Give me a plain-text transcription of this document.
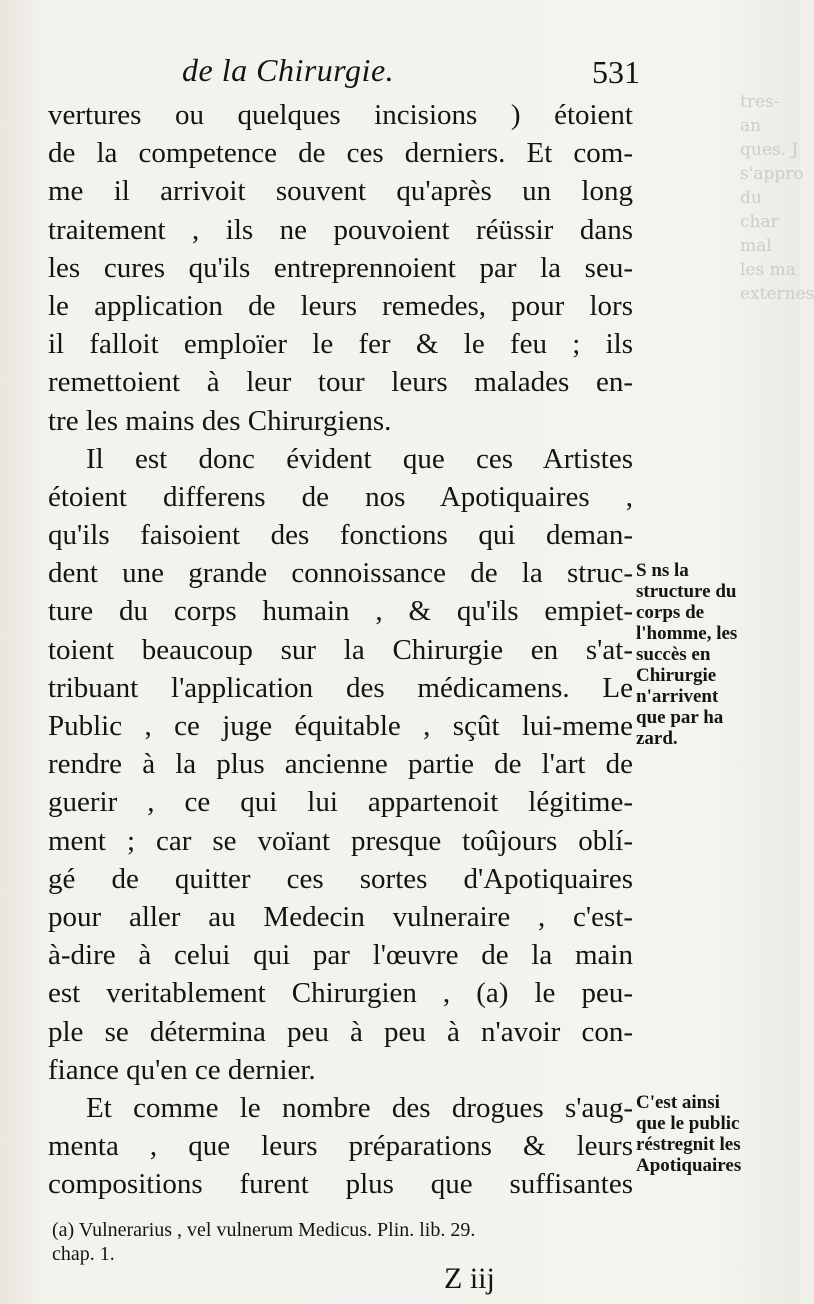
tres-an
ques. J
s'appro
du char
mal
les ma
externes
de la Chirurgie.	531
vertures ou quelques incisions ) étoient
de la competence de ces derniers. Et com-
me il arrivoit souvent qu'après un long
traitement , ils ne pouvoient réüssir dans
les cures qu'ils entreprennoient par la seu-
le application de leurs remedes, pour lors
il falloit emploïer le fer & le feu ; ils
remettoient à leur tour leurs malades en-
tre les mains des Chirurgiens.
Il est donc évident que ces Artistes
étoient differens de nos Apotiquaires ,
qu'ils faisoient des fonctions qui deman-
dent une grande connoissance de la struc-
ture du corps humain , & qu'ils empiet-
toient beaucoup sur la Chirurgie en s'at-
tribuant l'application des médicamens. Le
Public , ce juge équitable , sçût lui-meme
rendre à la plus ancienne partie de l'art de
guerir , ce qui lui appartenoit légitime-
ment ; car se voïant presque toûjours oblí-
gé de quitter ces sortes d'Apotiquaires
pour aller au Medecin vulneraire , c'est-
à-dire à celui qui par l'œuvre de la main
est veritablement Chirurgien , (a) le peu-
ple se détermina peu à peu à n'avoir con-
fiance qu'en ce dernier.
Et comme le nombre des drogues s'aug-
menta , que leurs préparations & leurs
compositions furent plus que suffisantes
S ns la
structure du
corps de
l'homme, les
succès en
Chirurgie
n'arrivent
que par ha
zard.
C'est ainsi
que le public
réstregnit les
Apotiquaires
(a) Vulnerarius , vel vulnerum Medicus. Plin. lib. 29.
chap. 1.
Z iij
